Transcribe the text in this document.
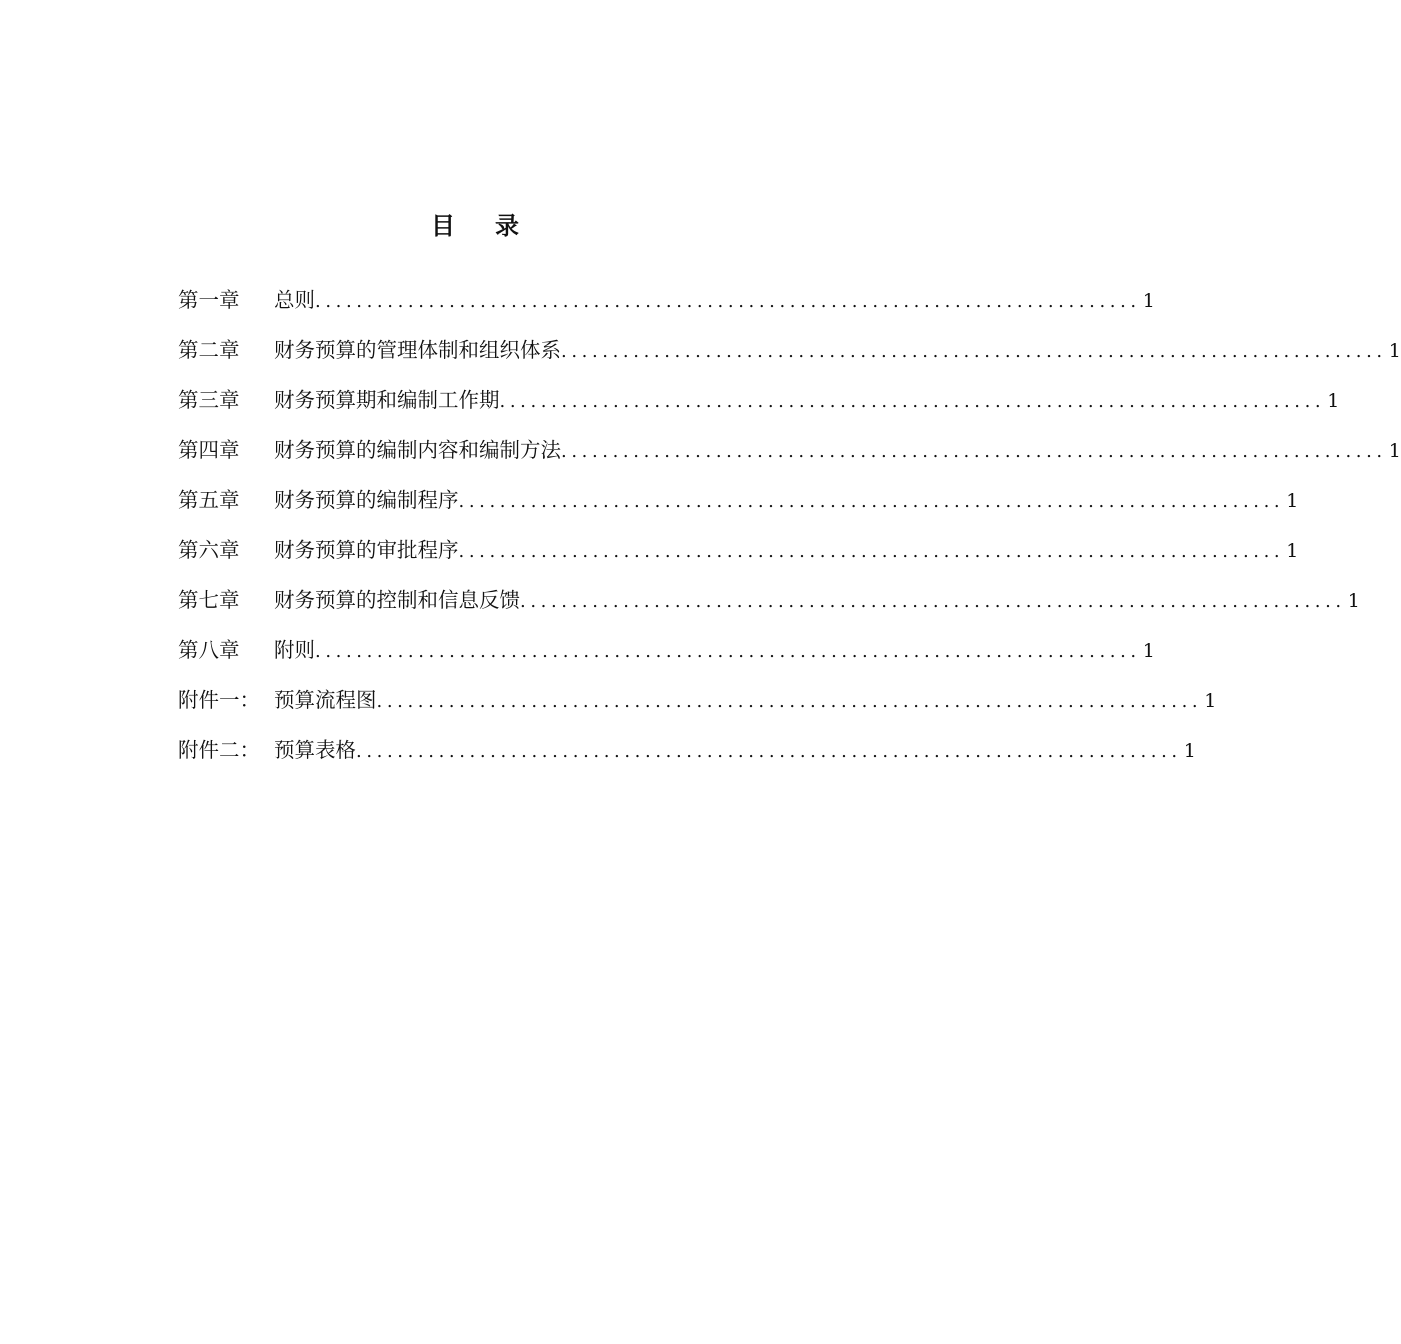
目 录
第一章	总则 ................................................................................ 1
第二章	财务预算的管理体制和组织体系 ................................................................................ 1
第三章	财务预算期和编制工作期 ................................................................................ 1
第四章	财务预算的编制内容和编制方法 ................................................................................ 1
第五章	财务预算的编制程序 ................................................................................ 1
第六章	财务预算的审批程序 ................................................................................ 1
第七章	财务预算的控制和信息反馈 ................................................................................ 1
第八章	附则 ................................................................................ 1
附件一： 预算流程图 ................................................................................ 1
附件二： 预算表格 ................................................................................ 1
